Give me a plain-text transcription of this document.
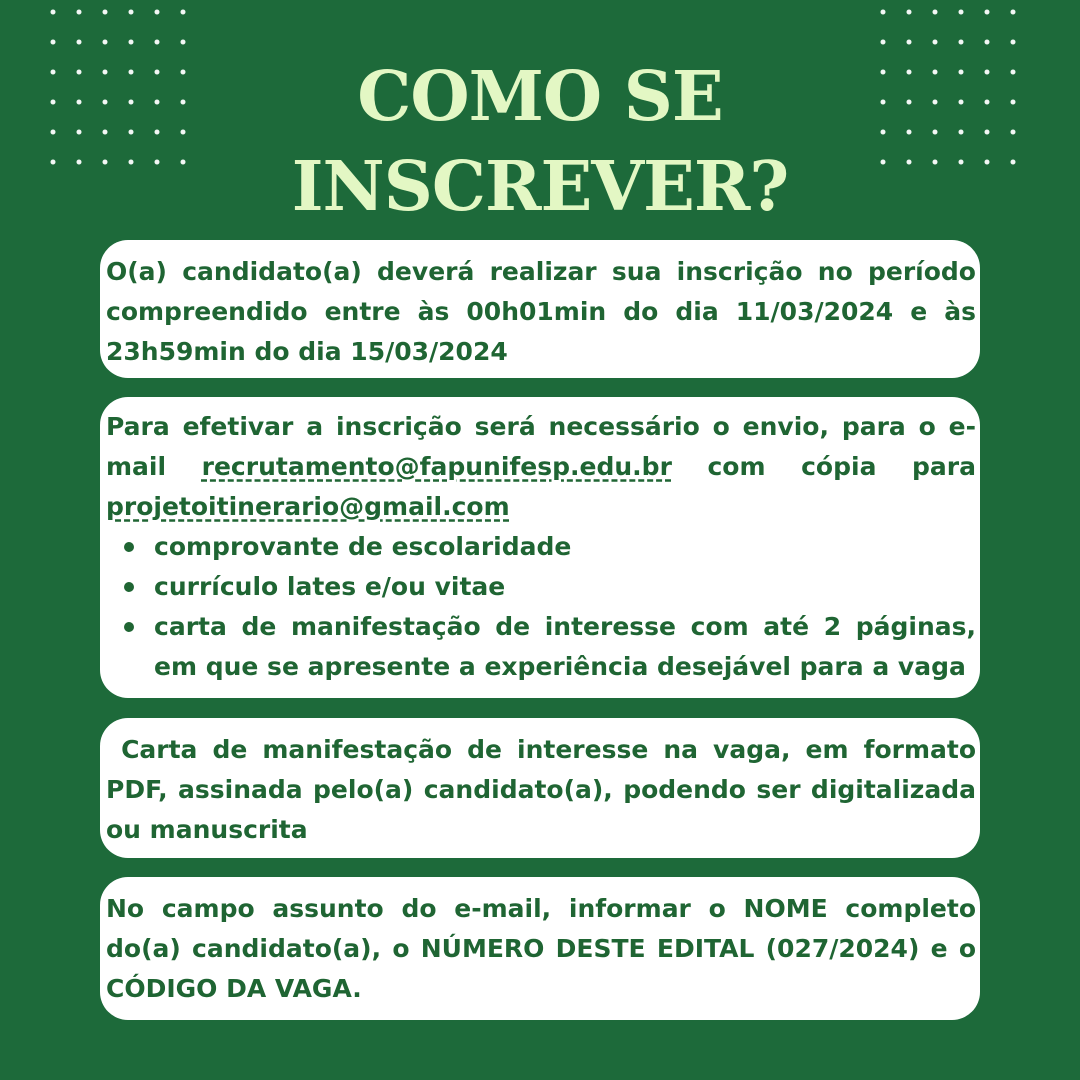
COMO SE
INSCREVER?

O(a) candidato(a) deverá realizar sua inscrição no período compreendido entre às 00h01min do dia 11/03/2024 e às 23h59min do dia 15/03/2024

Para efetivar a inscrição será necessário o envio, para o e-mail recrutamento@fapunifesp.edu.br com cópia para projetoitinerario@gmail.com

comprovante de escolaridade
currículo lates e/ou vitae
carta de manifestação de interesse com até 2 páginas, em que se apresente a experiência desejável para a vaga

Carta de manifestação de interesse na vaga, em formato PDF, assinada pelo(a) candidato(a), podendo ser digitalizada ou manuscrita

No campo assunto do e-mail, informar o NOME completo do(a) candidato(a), o NÚMERO DESTE EDITAL (027/2024) e o CÓDIGO DA VAGA.
